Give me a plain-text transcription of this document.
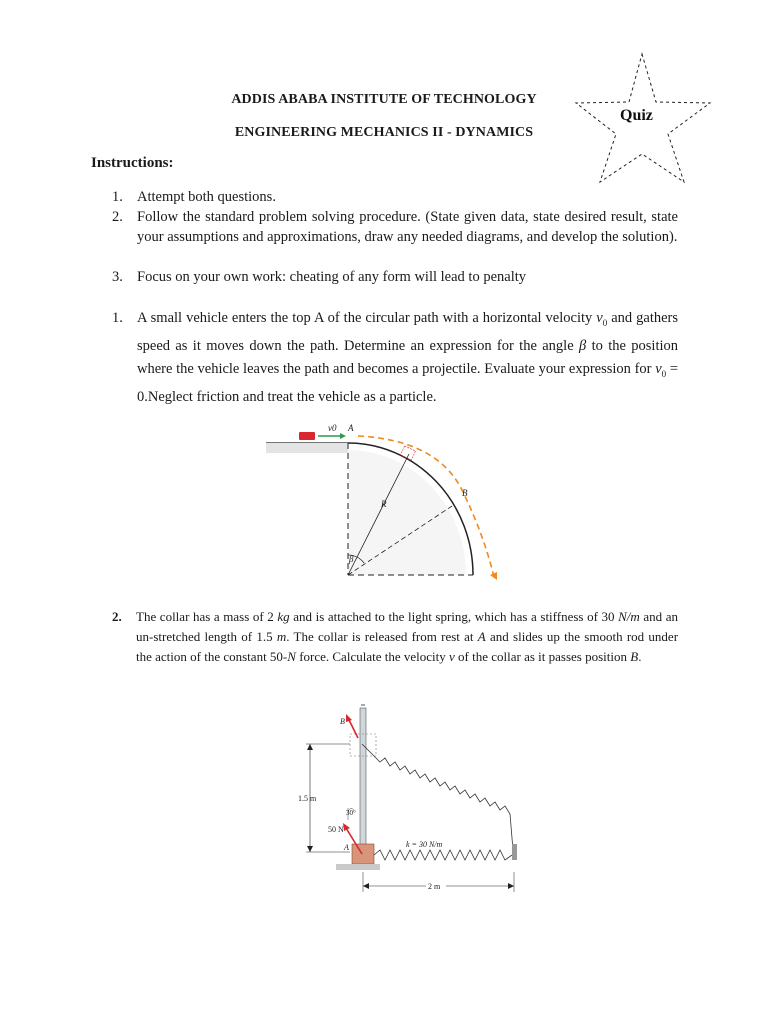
ADDIS ABABA INSTITUTE OF TECHNOLOGY
ENGINEERING MECHANICS II - DYNAMICS
Quiz
Instructions:
1. Attempt both questions.
2. Follow the standard problem solving procedure. (State given data, state desired result, state your assumptions and approximations, draw any needed diagrams, and develop the solution).
3. Focus on your own work: cheating of any form will lead to penalty
1. A small vehicle enters the top A of the circular path with a horizontal velocity $v_0$ and gathers speed as it moves down the path. Determine an expression for the angle β to the position where the vehicle leaves the path and becomes a projectile. Evaluate your expression for $v_0$ = 0.Neglect friction and treat the vehicle as a particle.
v0 A
R
β
B
2. The collar has a mass of 2 kg and is attached to the light spring, which has a stiffness of 30 N/m and an un-stretched length of 1.5 m. The collar is released from rest at A and slides up the smooth rod under the action of the constant 50-N force. Calculate the velocity v of the collar as it passes position B.
B
1.5 m
k = 30 N/m
30°
50 N
A
2 m
